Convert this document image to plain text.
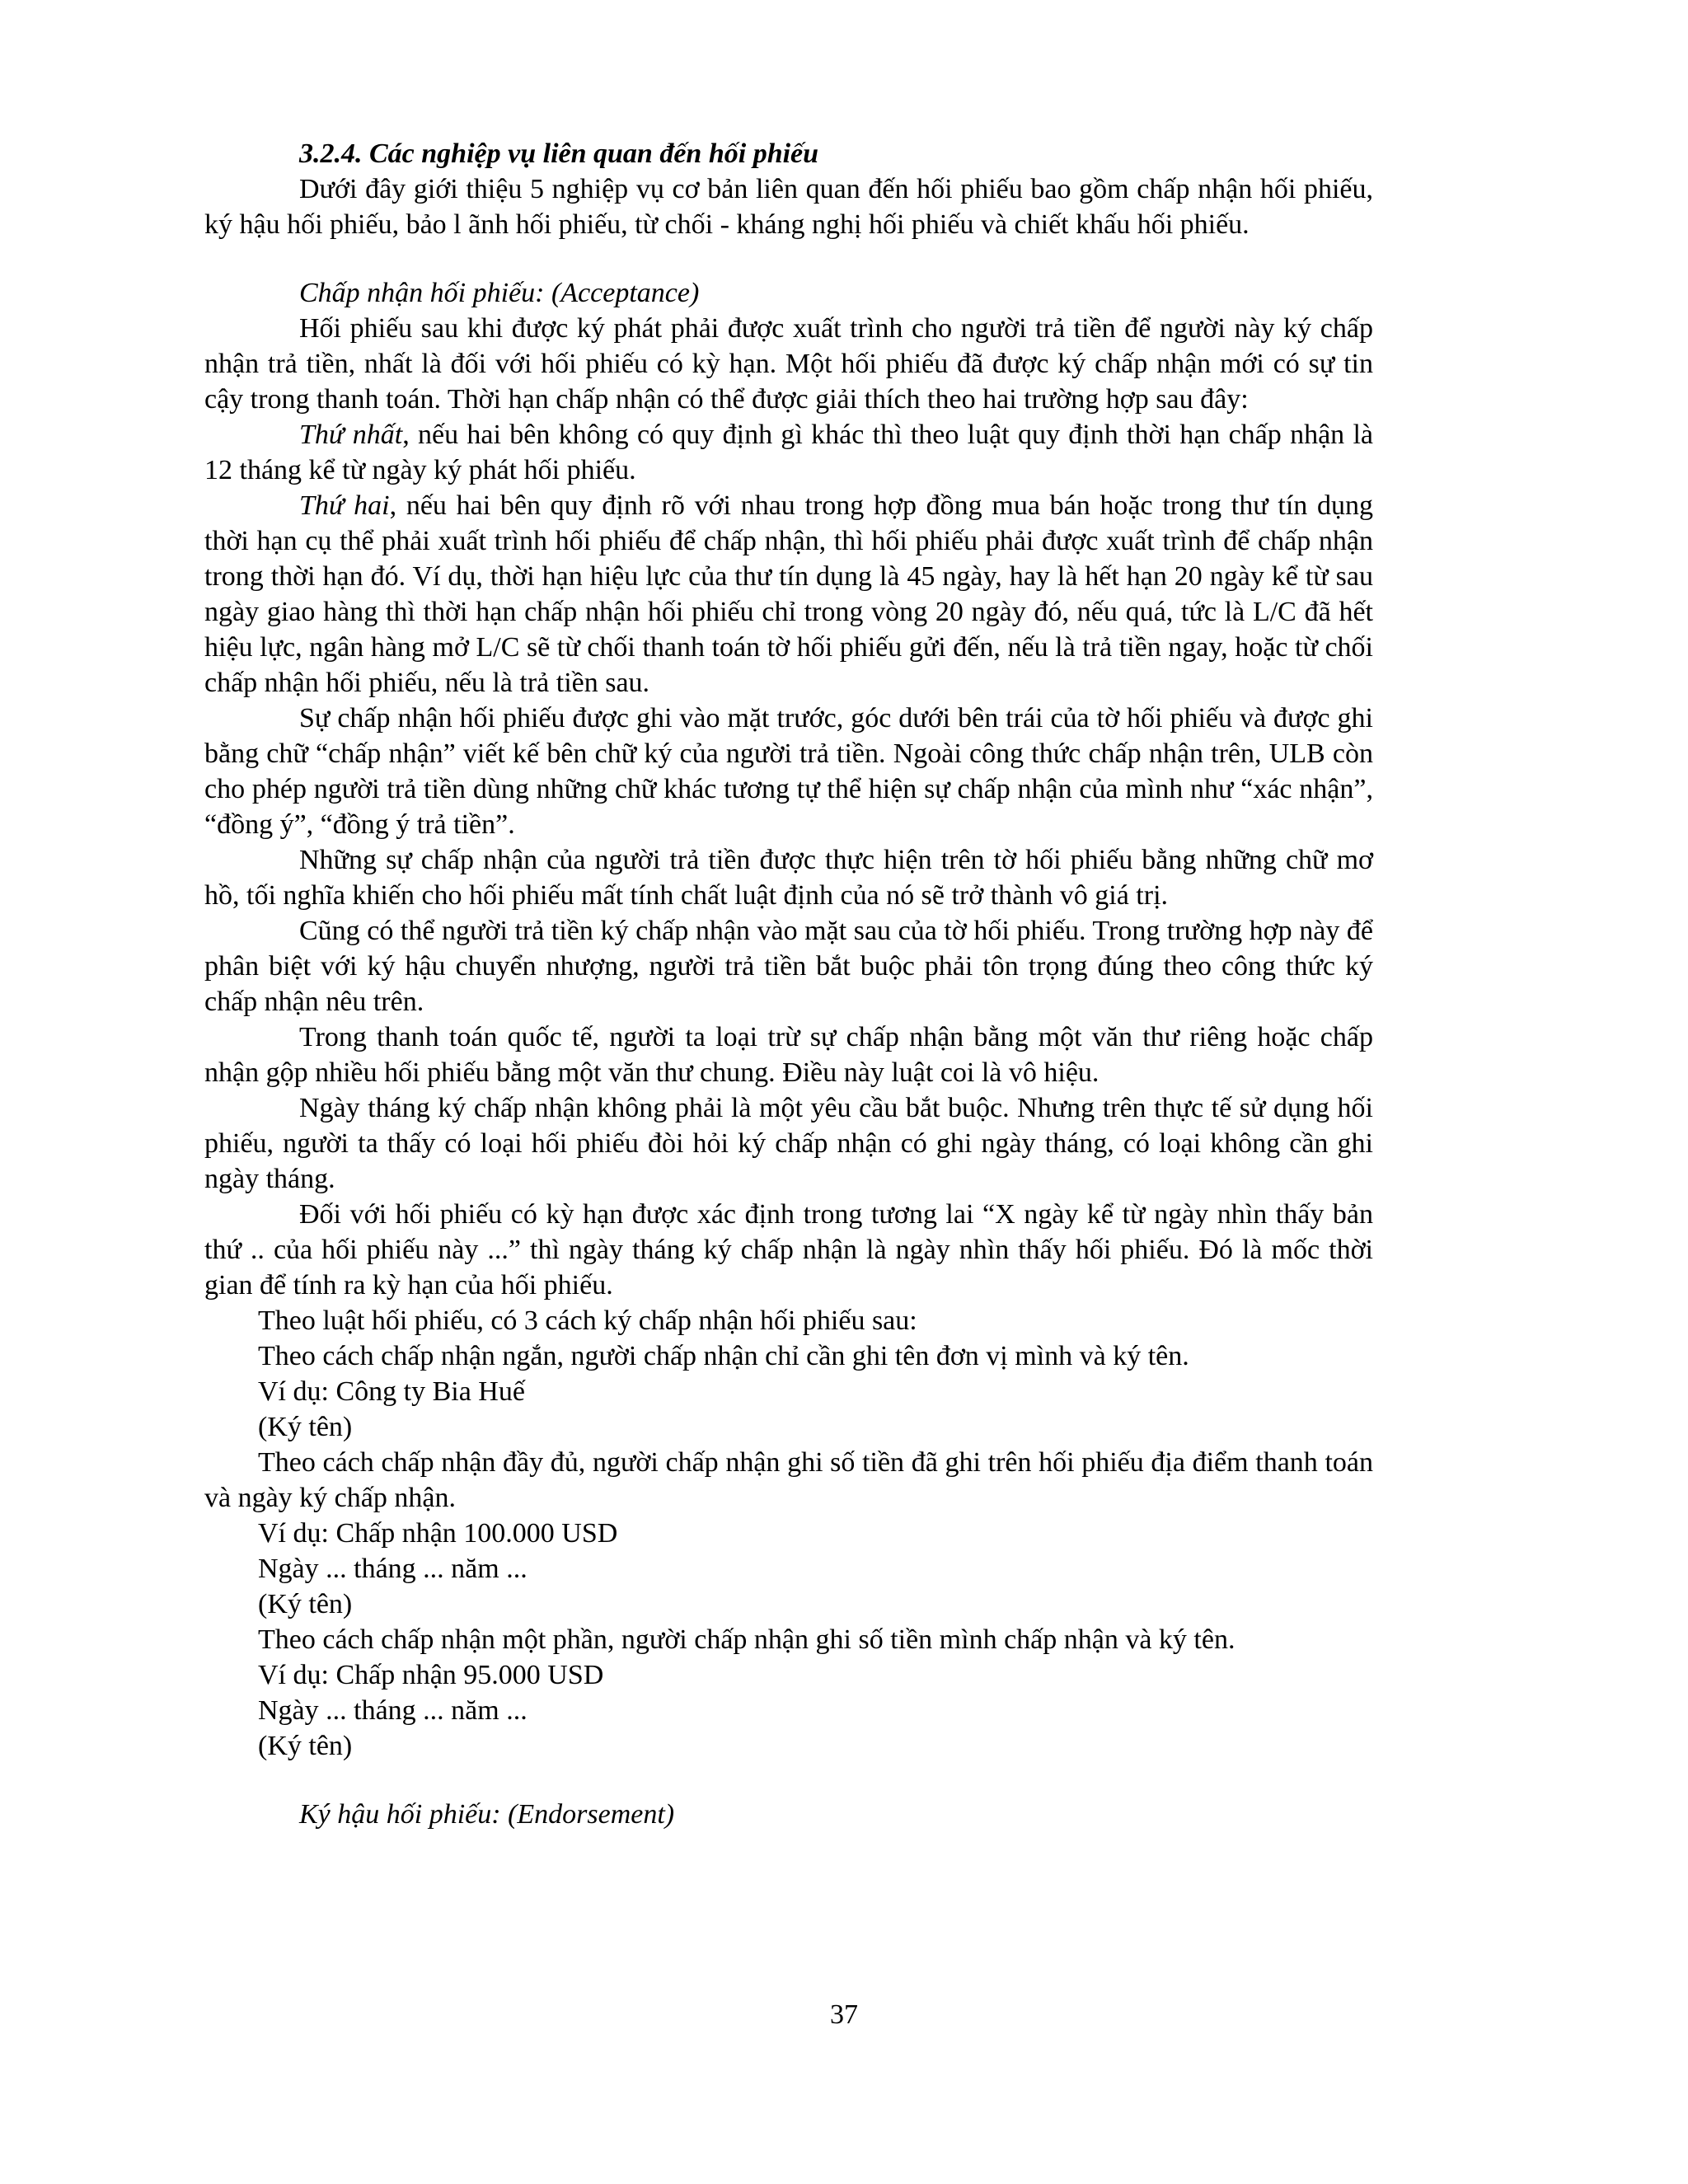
3.2.4. Các nghiệp vụ liên quan đến hối phiếu

Dưới đây giới thiệu 5 nghiệp vụ cơ bản liên quan đến hối phiếu bao gồm chấp nhận hối phiếu, ký hậu hối phiếu, bảo l ãnh hối phiếu, từ chối - kháng nghị hối phiếu và chiết khấu hối phiếu.

Chấp nhận hối phiếu: (Acceptance)

Hối phiếu sau khi được ký phát phải được xuất trình cho người trả tiền để người này ký chấp nhận trả tiền, nhất là đối với hối phiếu có kỳ hạn. Một hối phiếu đã được ký chấp nhận mới có sự tin cậy trong thanh toán. Thời hạn chấp nhận có thể được giải thích theo hai trường hợp sau đây:

Thứ nhất, nếu hai bên không có quy định gì khác thì theo luật quy định thời hạn chấp nhận là 12 tháng kể từ ngày ký phát hối phiếu.

Thứ hai, nếu hai bên quy định rõ với nhau trong hợp đồng mua bán hoặc trong thư tín dụng thời hạn cụ thể phải xuất trình hối phiếu để chấp nhận, thì hối phiếu phải được xuất trình để chấp nhận trong thời hạn đó. Ví dụ, thời hạn hiệu lực của thư tín dụng là 45 ngày, hay là hết hạn 20 ngày kể từ sau ngày giao hàng thì thời hạn chấp nhận hối phiếu chỉ trong vòng 20 ngày đó, nếu quá, tức là L/C đã hết hiệu lực, ngân hàng mở L/C sẽ từ chối thanh toán tờ hối phiếu gửi đến, nếu là trả tiền ngay, hoặc từ chối chấp nhận hối phiếu, nếu là trả tiền sau.

Sự chấp nhận hối phiếu được ghi vào mặt trước, góc dưới bên trái của tờ hối phiếu và được ghi bằng chữ “chấp nhận” viết kế bên chữ ký của người trả tiền. Ngoài công thức chấp nhận trên, ULB còn cho phép người trả tiền dùng những chữ khác tương tự thể hiện sự chấp nhận của mình như “xác nhận”, “đồng ý”, “đồng ý trả tiền”.

Những sự chấp nhận của người trả tiền được thực hiện trên tờ hối phiếu bằng những chữ mơ hồ, tối nghĩa khiến cho hối phiếu mất tính chất luật định của nó sẽ trở thành vô giá trị.

Cũng có thể người trả tiền ký chấp nhận vào mặt sau của tờ hối phiếu. Trong trường hợp này để phân biệt với ký hậu chuyển nhượng, người trả tiền bắt buộc phải tôn trọng đúng theo công thức ký chấp nhận nêu trên.

Trong thanh toán quốc tế, người ta loại trừ sự chấp nhận bằng một văn thư riêng hoặc chấp nhận gộp nhiều hối phiếu bằng một văn thư chung. Điều này luật coi là vô hiệu.

Ngày tháng ký chấp nhận không phải là một yêu cầu bắt buộc. Nhưng trên thực tế sử dụng hối phiếu, người ta thấy có loại hối phiếu đòi hỏi ký chấp nhận có ghi ngày tháng, có loại không cần ghi ngày tháng.

Đối với hối phiếu có kỳ hạn được xác định trong tương lai “X ngày kể từ ngày nhìn thấy bản thứ .. của hối phiếu này ...” thì ngày tháng ký chấp nhận là ngày nhìn thấy hối phiếu. Đó là mốc thời gian để tính ra kỳ hạn của hối phiếu.

Theo luật hối phiếu, có 3 cách ký chấp nhận hối phiếu sau:

Theo cách chấp nhận ngắn, người chấp nhận chỉ cần ghi tên đơn vị mình và ký tên.

Ví dụ: Công ty Bia Huế

(Ký tên)

Theo cách chấp nhận đầy đủ, người chấp nhận ghi số tiền đã ghi trên hối phiếu địa điểm thanh toán và ngày ký chấp nhận.

Ví dụ: Chấp nhận 100.000 USD

Ngày ... tháng ... năm ...

(Ký tên)

Theo cách chấp nhận một phần, người chấp nhận ghi số tiền mình chấp nhận và ký tên.

Ví dụ: Chấp nhận 95.000 USD

Ngày ... tháng ... năm ...

(Ký tên)

Ký hậu hối phiếu: (Endorsement)

37
